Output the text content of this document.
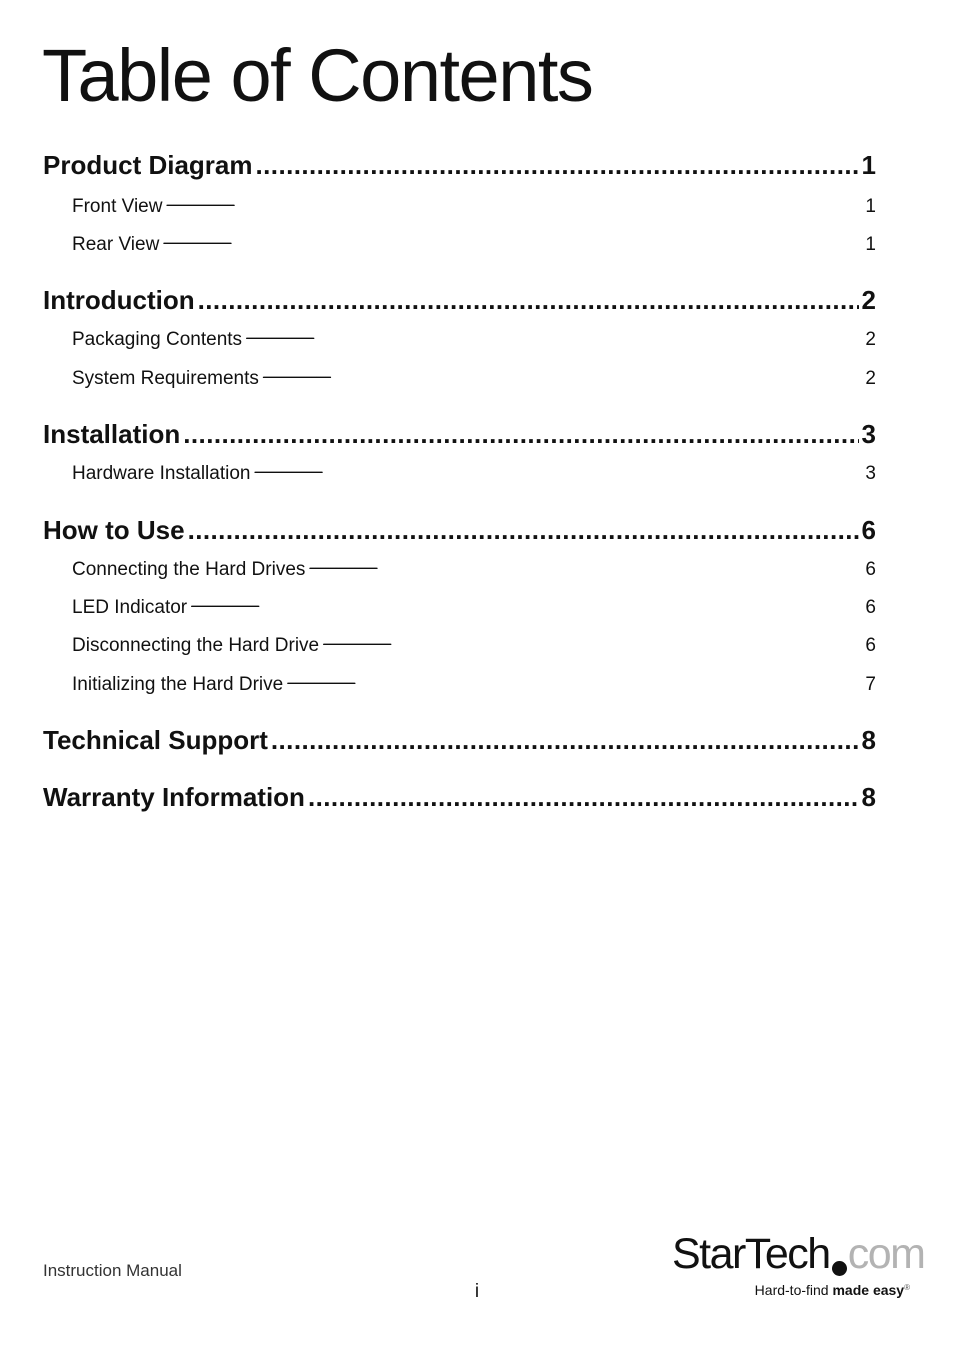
Table of Contents
Product Diagram . . .	1
Front View . . .	1
Rear View . . .	1
Introduction . . .	2
Packaging Contents . . .	2
System Requirements . . .	2
Installation . . .	3
Hardware Installation . . .	3
How to Use . . .	6
Connecting the Hard Drives . . .	6
LED Indicator . . .	6
Disconnecting the Hard Drive . . .	6
Initializing the Hard Drive . . .	7
Technical Support . . .	8
Warranty Information . . .	8
Instruction Manual
i
StarTech com
Hard-to-find made easy®
